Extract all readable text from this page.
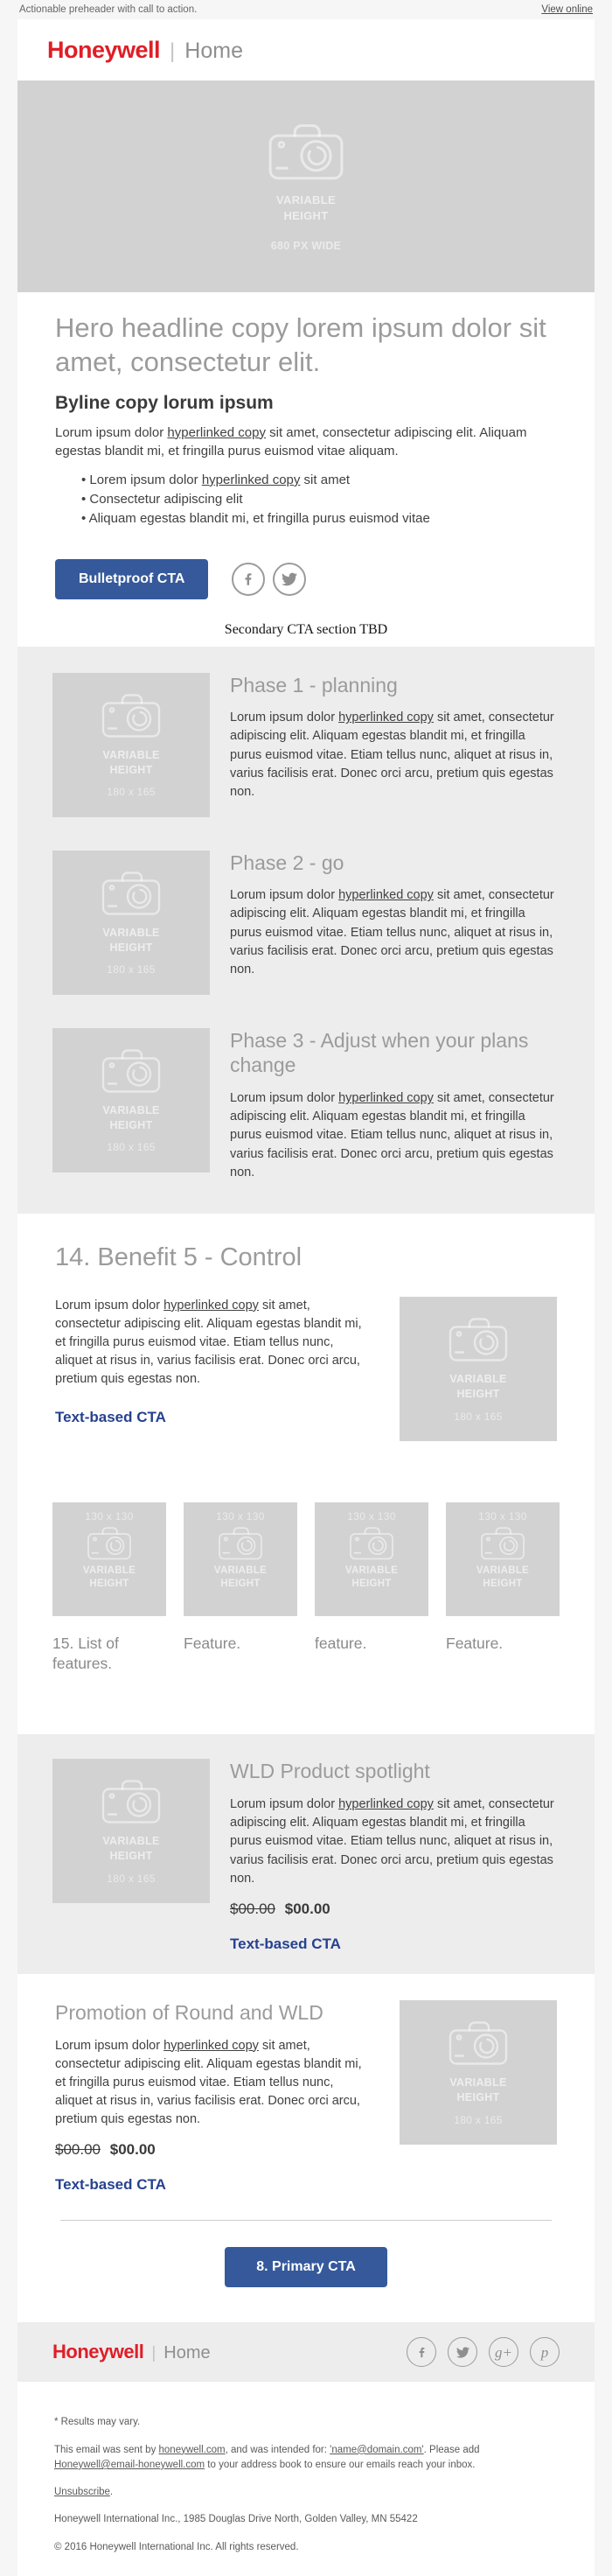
Actionable preheader with call to action.	View online
Honeywell | Home
VARIABLE HEIGHT
680 PX WIDE
Hero headline copy lorem ipsum dolor sit amet, consectetur elit.
Byline copy lorum ipsum

Lorum ipsum dolor hyperlinked copy sit amet, consectetur adipiscing elit. Aliquam egestas blandit mi, et fringilla purus euismod vitae aliquam.

• Lorem ipsum dolor hyperlinked copy sit amet
• Consectetur adipiscing elit
• Aliquam egestas blandit mi, et fringilla purus euismod vitae
Bulletproof CTA
Secondary CTA section TBD
VARIABLE HEIGHT
180 x 165
Phase 1 - planning

Lorum ipsum dolor hyperlinked copy sit amet, consectetur adipiscing elit. Aliquam egestas blandit mi, et fringilla purus euismod vitae. Etiam tellus nunc, aliquet at risus in, varius facilisis erat. Donec orci arcu, pretium quis egestas non.

VARIABLE HEIGHT
180 x 165
Phase 2 - go

Lorum ipsum dolor hyperlinked copy sit amet, consectetur adipiscing elit. Aliquam egestas blandit mi, et fringilla purus euismod vitae. Etiam tellus nunc, aliquet at risus in, varius facilisis erat. Donec orci arcu, pretium quis egestas non.

VARIABLE HEIGHT
180 x 165
Phase 3 - Adjust when your plans change

Lorum ipsum dolor hyperlinked copy sit amet, consectetur adipiscing elit. Aliquam egestas blandit mi, et fringilla purus euismod vitae. Etiam tellus nunc, aliquet at risus in, varius facilisis erat. Donec orci arcu, pretium quis egestas non.

14. Benefit 5 - Control

Lorum ipsum dolor hyperlinked copy sit amet, consectetur adipiscing elit. Aliquam egestas blandit mi, et fringilla purus euismod vitae. Etiam tellus nunc, aliquet at risus in, varius facilisis erat. Donec orci arcu, pretium quis egestas non.

Text-based CTA
VARIABLE HEIGHT
180 x 165
130 x 130
VARIABLE HEIGHT
130 x 130
VARIABLE HEIGHT
130 x 130
VARIABLE HEIGHT
130 x 130
VARIABLE HEIGHT
15. List of features.
Feature.	feature.	Feature.
VARIABLE HEIGHT
180 x 165
WLD Product spotlight

Lorum ipsum dolor hyperlinked copy sit amet, consectetur adipiscing elit. Aliquam egestas blandit mi, et fringilla purus euismod vitae. Etiam tellus nunc, aliquet at risus in, varius facilisis erat. Donec orci arcu, pretium quis egestas non.

$00.00 $00.00
Text-based CTA
Promotion of Round and WLD

Lorum ipsum dolor hyperlinked copy sit amet, consectetur adipiscing elit. Aliquam egestas blandit mi, et fringilla purus euismod vitae. Etiam tellus nunc, aliquet at risus in, varius facilisis erat. Donec orci arcu, pretium quis egestas non.

$00.00 $00.00
Text-based CTA
VARIABLE HEIGHT
180 x 165
8. Primary CTA
Honeywell | Home	g+	p

* Results may vary.

This email was sent by honeywell.com, and was intended for: 'name@domain.com'. Please add Honeywell@email-honeywell.com to your address book to ensure our emails reach your inbox.

Unsubscribe.

Honeywell International Inc., 1985 Douglas Drive North, Golden Valley, MN 55422

© 2016 Honeywell International Inc. All rights reserved.
